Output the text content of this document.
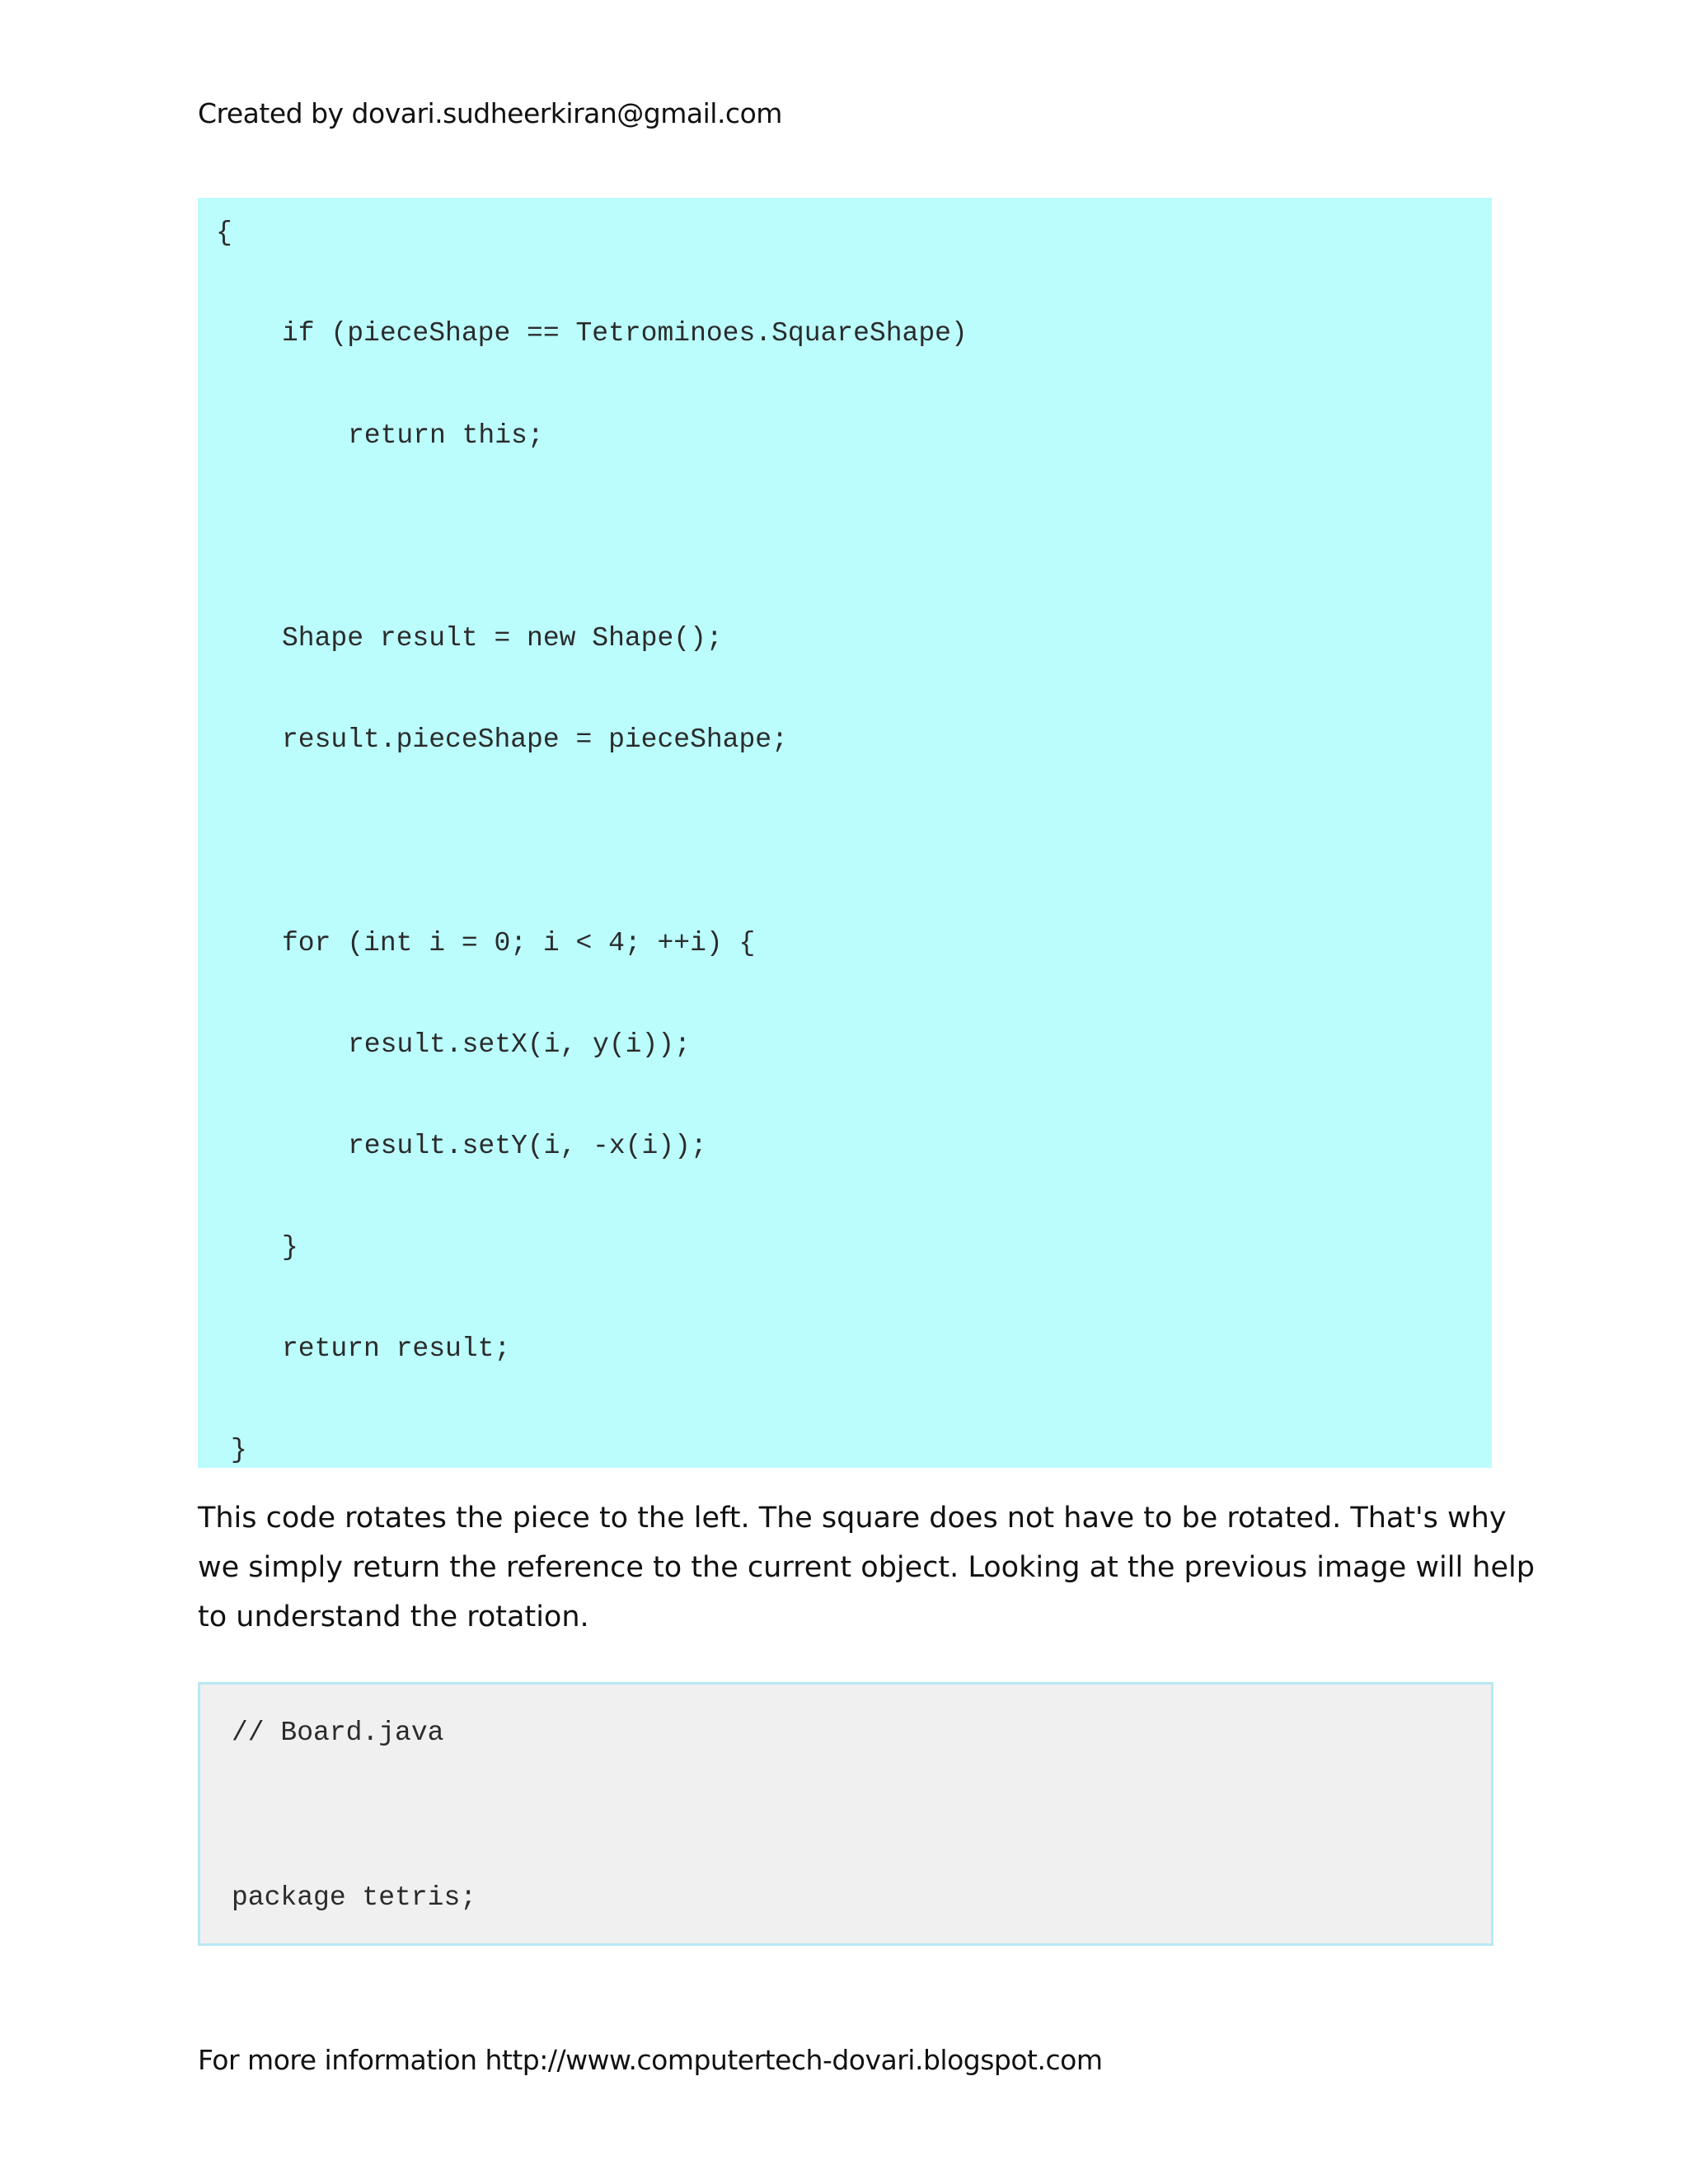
Created by dovari.sudheerkiran@gmail.com
{
if (pieceShape == Tetrominoes.SquareShape)
return this;
Shape result = new Shape();
result.pieceShape = pieceShape;
for (int i = 0; i < 4; ++i) {
result.setX(i, y(i));
result.setY(i, -x(i));
}
return result;
}
This code rotates the piece to the left. The square does not have to be rotated. That's why
we simply return the reference to the current object. Looking at the previous image will help
to understand the rotation.
// Board.java
package tetris;
For more information http://www.computertech-dovari.blogspot.com
